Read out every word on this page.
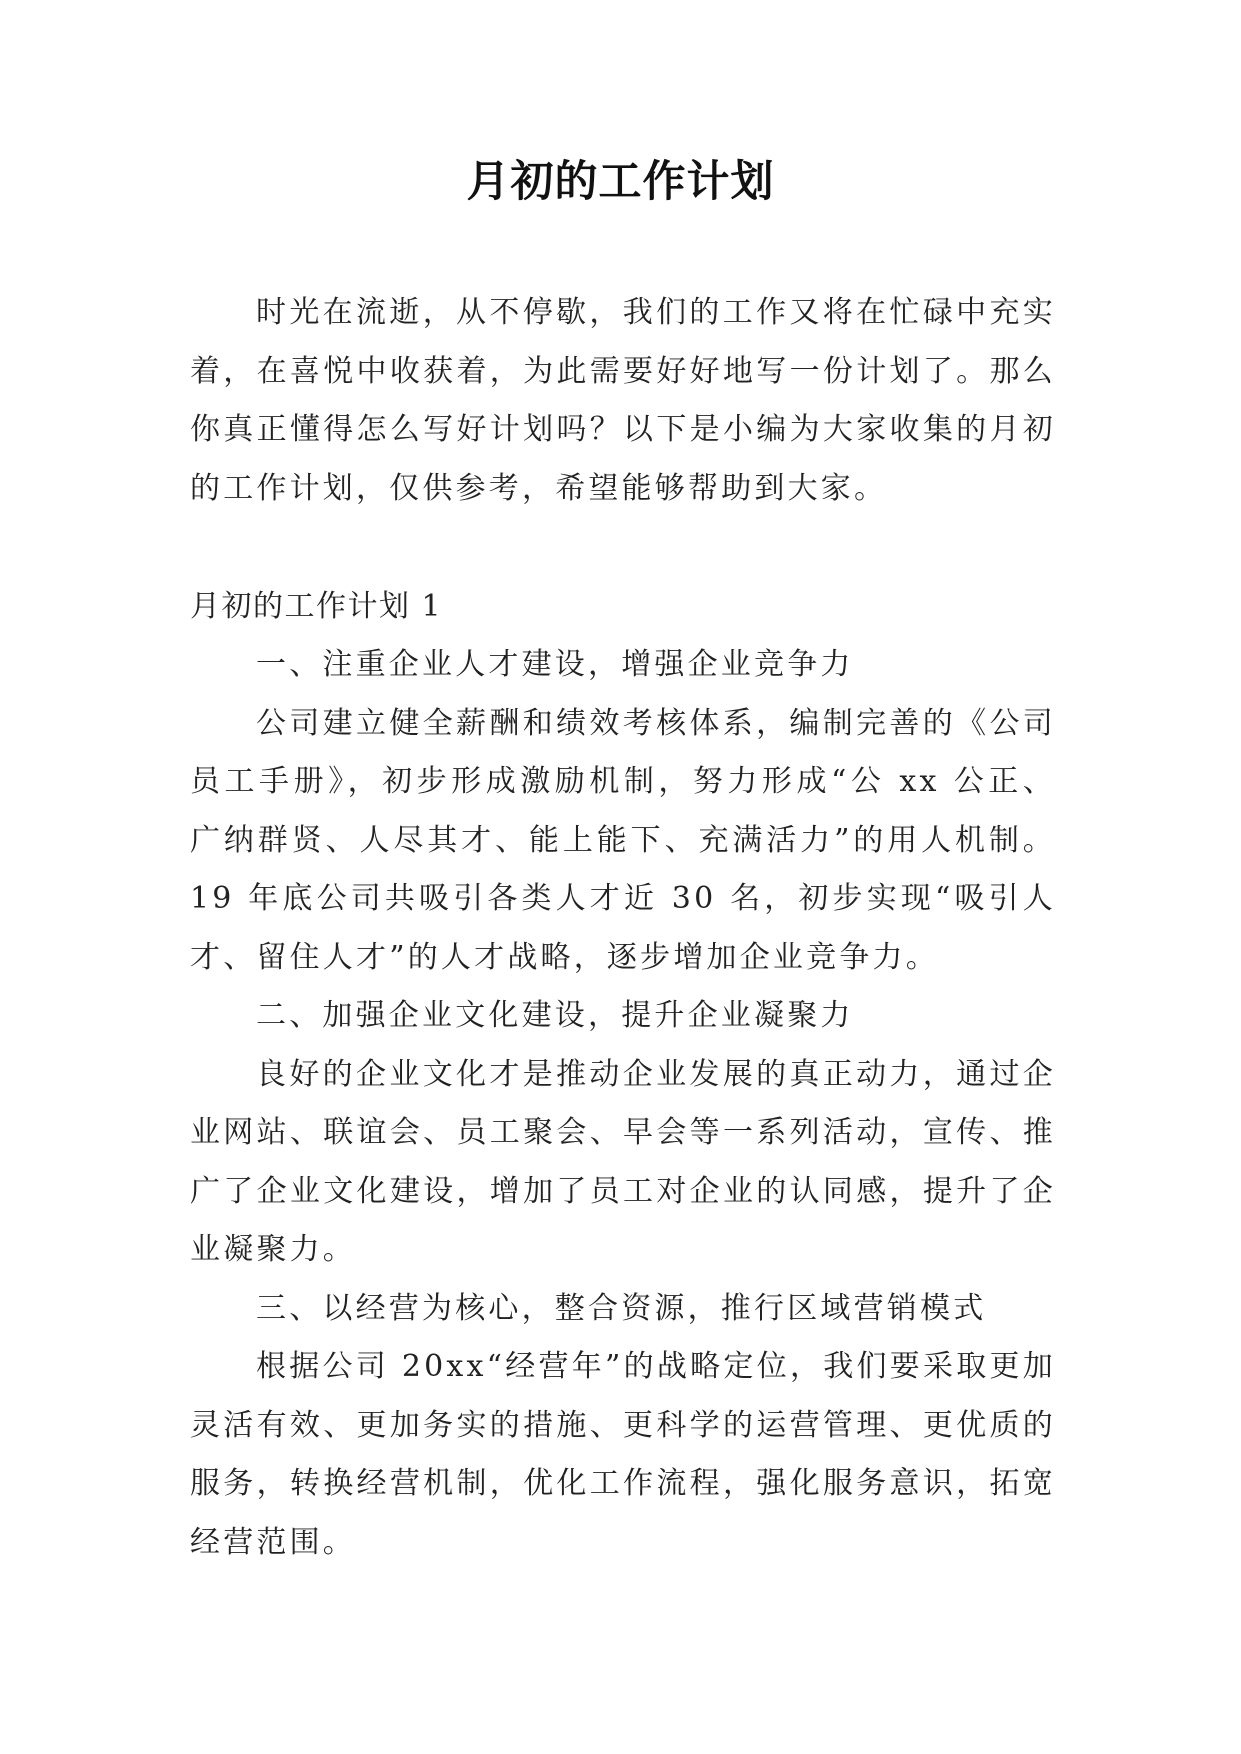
月初的工作计划

时光在流逝，从不停歇，我们的工作又将在忙碌中充实着，在喜悦中收获着，为此需要好好地写一份计划了。那么你真正懂得怎么写好计划吗？以下是小编为大家收集的月初的工作计划，仅供参考，希望能够帮助到大家。

月初的工作计划 1

一、注重企业人才建设，增强企业竞争力

公司建立健全薪酬和绩效考核体系，编制完善的《公司员工手册》，初步形成激励机制，努力形成“公 xx 公正、广纳群贤、人尽其才、能上能下、充满活力”的用人机制。19 年底公司共吸引各类人才近 30 名，初步实现“吸引人才、留住人才”的人才战略，逐步增加企业竞争力。

二、加强企业文化建设，提升企业凝聚力

良好的企业文化才是推动企业发展的真正动力，通过企业网站、联谊会、员工聚会、早会等一系列活动，宣传、推广了企业文化建设，增加了员工对企业的认同感，提升了企业凝聚力。

三、以经营为核心，整合资源，推行区域营销模式

根据公司 20xx“经营年”的战略定位，我们要采取更加灵活有效、更加务实的措施、更科学的运营管理、更优质的服务，转换经营机制，优化工作流程，强化服务意识，拓宽经营范围。
